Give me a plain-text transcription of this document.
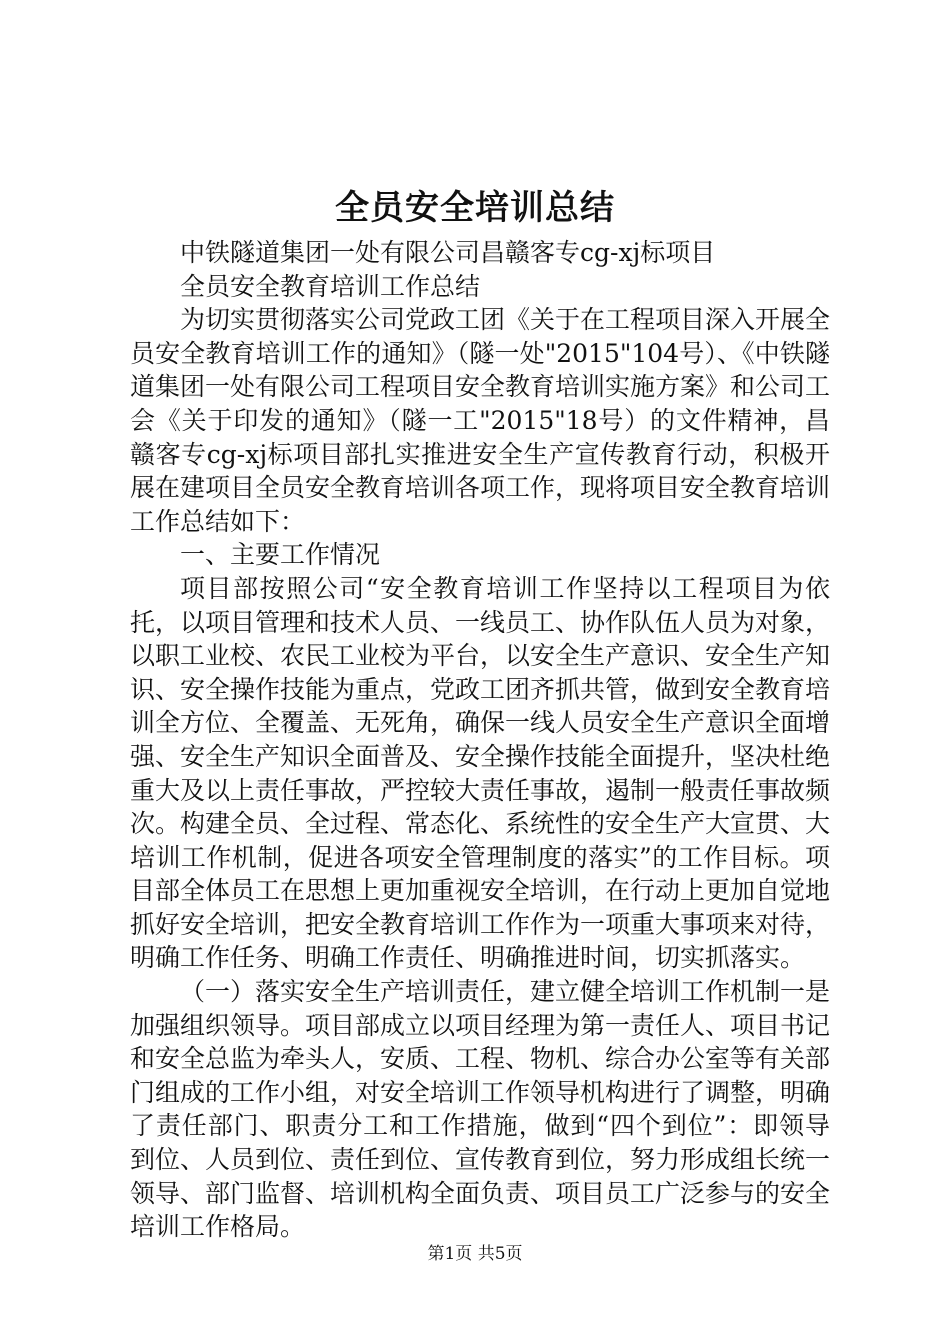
全员安全培训总结

中铁隧道集团一处有限公司昌赣客专cg-xj标项目

全员安全教育培训工作总结

为切实贯彻落实公司党政工团《关于在工程项目深入开展全员安全教育培训工作的通知》（隧一处"2015"104号）、《中铁隧道集团一处有限公司工程项目安全教育培训实施方案》和公司工会《关于印发的通知》（隧一工"2015"18号）的文件精神，昌赣客专cg-xj标项目部扎实推进安全生产宣传教育行动，积极开展在建项目全员安全教育培训各项工作，现将项目安全教育培训工作总结如下：

一、主要工作情况

项目部按照公司“安全教育培训工作坚持以工程项目为依托，以项目管理和技术人员、一线员工、协作队伍人员为对象，以职工业校、农民工业校为平台，以安全生产意识、安全生产知识、安全操作技能为重点，党政工团齐抓共管，做到安全教育培训全方位、全覆盖、无死角，确保一线人员安全生产意识全面增强、安全生产知识全面普及、安全操作技能全面提升，坚决杜绝重大及以上责任事故，严控较大责任事故，遏制一般责任事故频次。构建全员、全过程、常态化、系统性的安全生产大宣贯、大培训工作机制，促进各项安全管理制度的落实”的工作目标。项目部全体员工在思想上更加重视安全培训，在行动上更加自觉地抓好安全培训，把安全教育培训工作作为一项重大事项来对待，明确工作任务、明确工作责任、明确推进时间，切实抓落实。

（一）落实安全生产培训责任，建立健全培训工作机制一是加强组织领导。项目部成立以项目经理为第一责任人、项目书记和安全总监为牵头人，安质、工程、物机、综合办公室等有关部门组成的工作小组，对安全培训工作领导机构进行了调整，明确了责任部门、职责分工和工作措施，做到“四个到位”：即领导到位、人员到位、责任到位、宣传教育到位，努力形成组长统一领导、部门监督、培训机构全面负责、项目员工广泛参与的安全培训工作格局。

第1页 共5页
